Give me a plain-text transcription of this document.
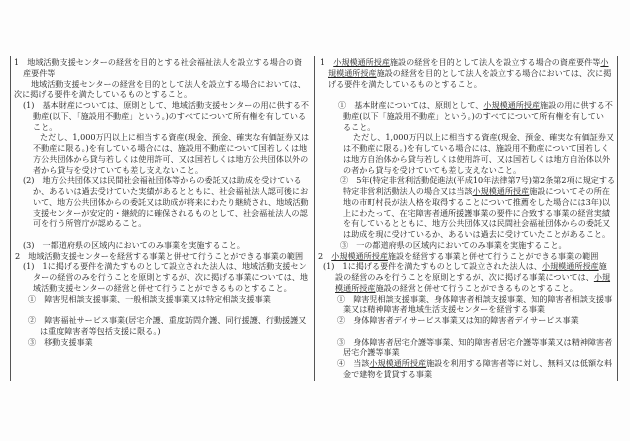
1　地域活動支援センターの経営を目的とする社会福祉法人を設立する場合の資
産要件等
地域活動支援センターの経営を目的として法人を設立する場合においては、
次に掲げる要件を満たしているものとすること。
(1)　基本財産については、原則として、地域活動支援センターの用に供する不
動産(以下、「施設用不動産」という。)のすべてについて所有権を有している
こと。
ただし、1,000万円以上に相当する資産(現金、預金、確実な有価証券又は
不動産に限る。)を有している場合には、施設用不動産について国若しくは地
方公共団体から貸与若しくは使用許可、又は国若しくは地方公共団体以外の
者から貸与を受けていても差し支えないこと。
(2)　地方公共団体又は民間社会福祉団体等からの委託又は助成を受けている
か、あるいは過去受けていた実績があるとともに、社会福祉法人認可後にお
いて、地方公共団体からの委託又は助成が将来にわたり継続され、地域活動
支援センターが安定的・継続的に確保されるものとして、社会福祉法人の認
可を行う所管庁が認めること。
(3)　一都道府県の区域内においてのみ事業を実施すること。
2　地域活動支援センターを経営する事業と併せて行うことができる事業の範囲
(1)　1に掲げる要件を満たすものとして設立された法人は、地域活動支援セン
ターの経営のみを行うことを原則とするが、次に掲げる事業については、地
域活動支援センターの経営と併せて行うことができるものとすること。
①　障害児相談支援事業、一般相談支援事業又は特定相談支援事業
②　障害福祉サービス事業(居宅介護、重度訪問介護、同行援護、行動援護又
は重度障害者等包括支援に限る。)
③　移動支援事業
1　小規模通所授産施設の経営を目的として法人を設立する場合の資産要件等小
規模通所授産施設の経営を目的として法人を設立する場合においては、次に掲
げる要件を満たしているものとすること。
①　基本財産については、原則として、小規模通所授産施設の用に供する不
動産(以下「施設用不動産」という。)のすべてについて所有権を有してい
ること。
ただし、1,000万円以上に相当する資産(現金、預金、確実な有価証券又
は不動産に限る。)を有している場合には、施設用不動産について国若しく
は地方自治体から貸与若しくは使用許可、又は国若しくは地方自治体以外
の者から貸与を受けていても差し支えないこと。
②　5年(特定非営利活動促進法(平成10年法律第7号)第2条第2項に規定する
特定非営利活動法人の場合又は当該小規模通所授産施設についてその所在
地の市町村長が法人格を取得することについて推薦をした場合には3年)以
上にわたって、在宅障害者通所援護事業の要件に合致する事業の経営実績
を有しているとともに、地方公共団体又は民間社会福祉団体からの委託又
は助成を現に受けているか、あるいは過去に受けていたことがあること。
③　一の都道府県の区域内においてのみ事業を実施すること。
2　小規模通所授産施設を経営する事業と併せて行うことができる事業の範囲
(1)　1に掲げる要件を満たすものとして設立された法人は、小規模通所授産施
設の経営のみを行うことを原則とするが、次に掲げる事業については、小規
模通所授産施設の経営と併せて行うことができるものとすること。
①　障害児相談支援事業、身体障害者相談支援事業、知的障害者相談支援事
業又は精神障害者地域生活支援センターを経営する事業
②　身体障害者デイサービス事業又は知的障害者デイサービス事業
③　身体障害者居宅介護等事業、知的障害者居宅介護等事業又は精神障害者
居宅介護等事業
④　当該小規模通所授産施設を利用する障害者等に対し、無料又は低額な料
金で建物を賃貸する事業
